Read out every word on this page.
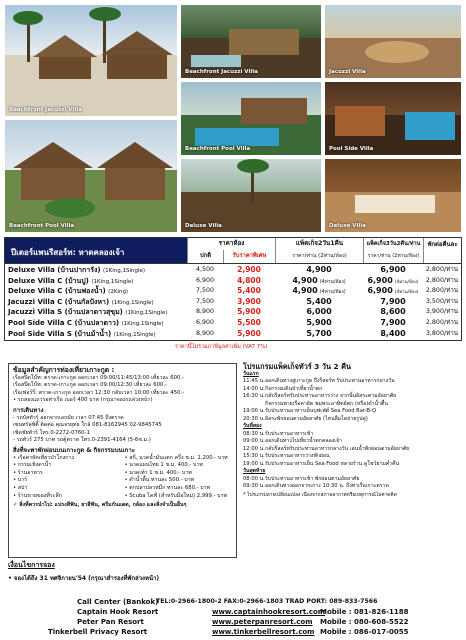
Beachfront Jacuzzi Villa
Beachfront Jacuzzi Villa	Jacuzzi Villa
Beachfront Pool Villa	Pool Side Villa
Beachfront Pool Villa	Deluxe Villa	Deluxe Villa
ปีเตอร์แพนรีสอร์ท: หาดคลองเจ้า
ราคาห้อง
ปกติ	รับราคาพิเศษ
แพ็คเก็จ2วัน1คืน
ราคา/ท่าน (2ท่าน/ห้อง)
แพ็คเก็จ3วัน2คืน/ท่าน
ราคา/ท่าน (2ท่าน/ห้อง)
พักต่อคืนละ
Deluxe Villa (บ้านปาการัง) (1King,1Single)	4,500	2,900	4,900	6,900	2,800/ท่าน
Deluxe Villa C (บ้านปู) (1King,1Single)	6,900	4,800	4,900 (4ท่าน/ห้อง)	6,900 (4ท่าน/ห้อง)	2,800/ท่าน
Deluxe Villa C (บ้านฟองน้ำ) (2King)	7,500	5,400	4,900 (4ท่าน/ห้อง)	6,900 (4ท่าน/ห้อง)	2,800/ท่าน
Jacuzzi Villa C (บ้านกัลปังหา) (1King,1Single)	7,500	3,900	5,400	7,900	3,500/ท่าน
Jacuzzi Villa S (บ้านปลาดาวสุขุม) (1King,1Single)	8,900	5,900	6,000	8,600	3,900/ท่าน
Pool Side Villa C (บ้านปลาดาว) (1King,1Single)	6,900	5,500	5,900	7,900	2,800/ท่าน
Pool Side Villa S (บ้านม้าน้ำ) (1King,1Single)	8,900	5,900	5,700	8,400	3,800/ท่าน
ราคานี้ไม่รวมภาษีมูลค่าเพิ่ม (VAT 7%)
ข้อมูลสำคัญการท่องเที่ยวเกาะกูด :
เรือสปีดโบ๊ท: ตราด-เกาะกูด ออกเวลา 09:00/11:45/13:00 เที่ยวละ 600.-
เรือสปีดโบ๊ท: ตราด-เกาะกูด ออกเวลา 09:00/12:30 เที่ยวละ 600.-
เรือเฟอร์รี่: ตราด-เกาะกูด ออกเวลา 12:30 กลับเวลา 10:00 เที่ยวละ 450.-
• รถสองแถวรอท่าเรือ เบอร์ 400 บาท (กรุณาจองรถล่วงหน้า)
การเดินทาง
- รถบัสทัวร์ ออกจากเอกมัย เวลา 07:45 ถึงตราด
เซนทรัลซิตี้ ติดต่อ คุณจรยุทธ ใกล้ 081-8162945 02-9845745
เชิดชัยทัวร์ โทร.0-2272-0760-1
- รถทัวร์ 275 บาท รถตู้ตราด โทร.0-2391-4164 (5-6ช.ม.)
สิ่งที่จะพาพักผ่อนบนเกาะกูด & กิจกรรมบนเกาะ
• เรือคายัคเที่ยวป่าโกงกาง
• กรรมเชิงดาน้ำ
• ร้านอาหาร
• บาร์
• สปา
• ร้านขายของที่ระลึก
• สกี, นวดน้ำมันแตก ครึ่ง ช.ม. 1,200.- บาท
• นวดแผนไทย 1 ช.ม. 400.- บาท
• นวดเท้า 1 ช.ม. 400.- บาท
• ดำน้ำตื้น ท่านละ 500.- บาท
• ตกปลาปลาหมึก ท่านละ 680.- บาท
• Scuba ไดฟ์ (สำหรับมือใหม่) 2,999.- บาท
✓ สิ่งที่ควรนำไป: แปรงสีฟัน, ยาสีฟัน, ครีมกันแดด, กล้อง และสิ่งจำเป็นอื่นๆ
โปรแกรมแพ็คเก็จทัวร์ 3 วัน 2 คืน
วันแรก
11:45 น. ออกเดินทางสู่เกาะกูด ถึงรีสอร์ท รับประทานอาหารกลางวัน
14:00 น. กิจกรรมเดินป่าเที่ยวน้ำตก
16:30 น. กลับรีสอร์ทรับประทานอาหารว่าง จากนั้นอิสระตามอัธยาศัย
กิจกรรมพายเรือคายัค ชมพระอาทิตย์ตก (หรือ)ดำน้ำตื้น
19:00 น. รับประทานอาหารเย็นบุฟเฟ่ต์ Sea Food Bar-B-Q
20:30 น. อิสระพักผ่อนตามอัธยาศัย (ไหนลืมไดถ่ายรูปคู่)
วันที่สอง
08:30 น. รับประทานอาหารเช้า
09:00 น. ออกเดินทางไปเที่ยวน้ำตกคลองเจ้า
12:00 น. กลับรีสอร์ทรับประทานอาหารกลางวัน เล่นน้ำพักผ่อนตามอัธยาศัย
15:30 น. รับประทานอาหารว่างพักผ่อน
19:00 น. รับประทานอาหารเย็น Sea Food หลายร้าน ดูโชว์ยามค่ำคืน
วันสุดท้าย
08:00 น. รับประทานอาหารเช้า พักผ่อนตามอัธยาศัย
09:30 น. ออกเดินทางออกจากเกาะ 10:30 น. ถึงท่าเรือเกาะตราด
* โปรแกรมอาจเปลี่ยนแปลง เนื่องจากสภาพอากาศหรือเหตุการณ์ไม่คาดคิด
เงื่อนไขการจอง
• จองได้ถึง 31 ทศจิกายน'54 (กรุณาสำรองที่พักล่วงหน้า)
Call Center (Bankok)
TEL:0-2966-1800-2 FAX:0-2966-1803 TRAD PORT: 089-833-7566
Captain Hook Resort	www.captainhookresort.com
Mobile : 081-826-1188
Peter Pan Resort	www.peterpanresort.com Mobile : 080-608-5522
Tinkerbell Privacy Resort	www.tinkerbellresort.com Mobile : 086-017-0055
